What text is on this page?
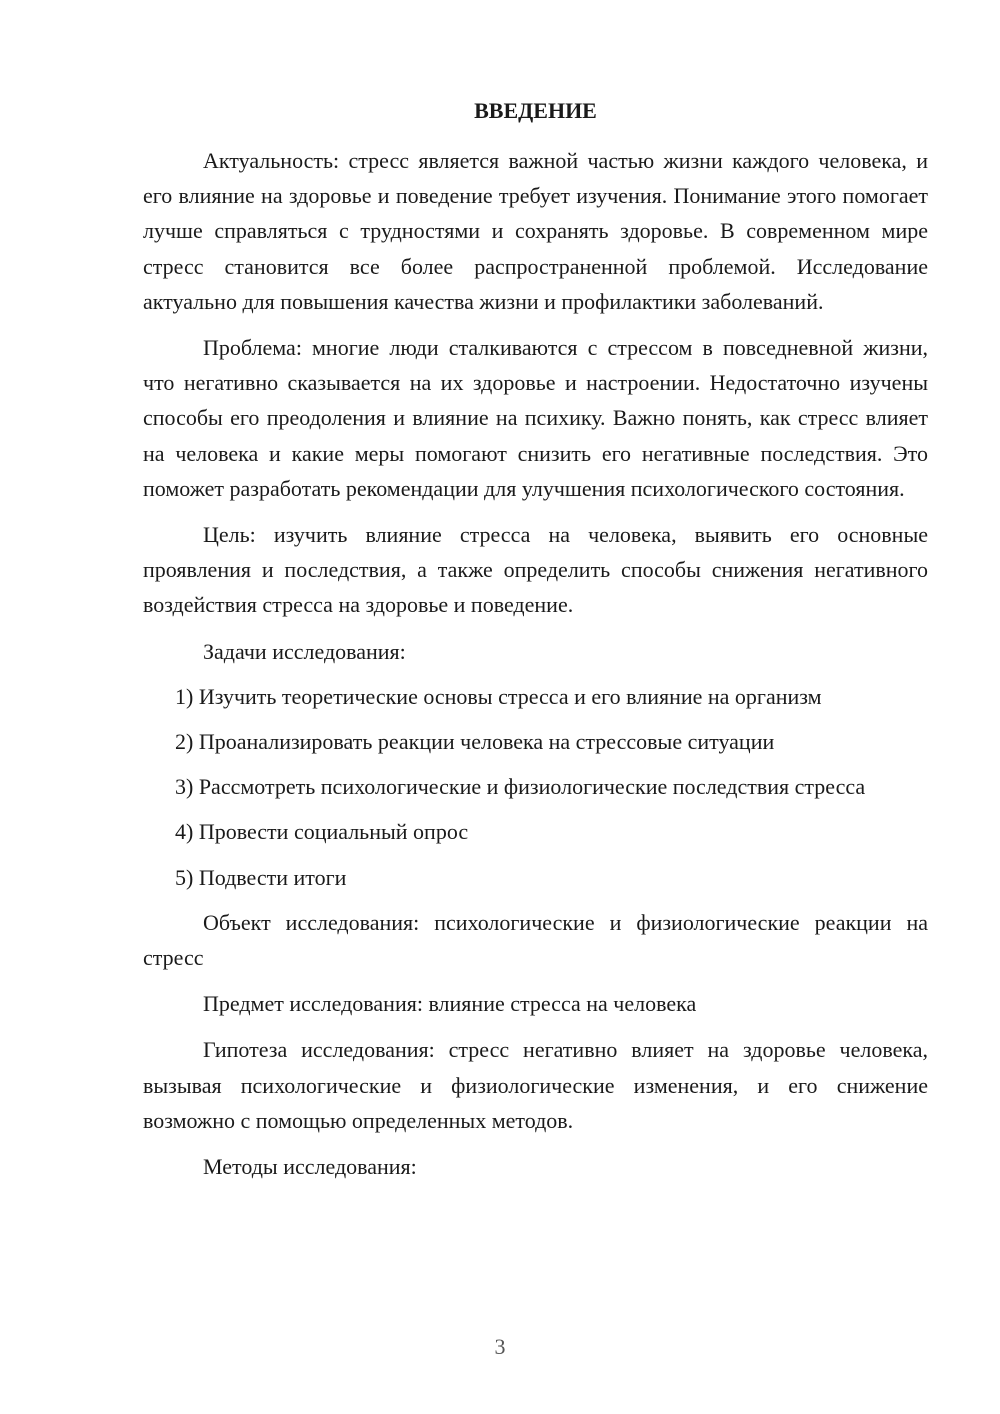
ВВЕДЕНИЕ

Актуальность: стресс является важной частью жизни каждого человека, и его влияние на здоровье и поведение требует изучения. Понимание этого помогает лучше справляться с трудностями и сохранять здоровье. В современном мире стресс становится все более распространенной проблемой. Исследование актуально для повышения качества жизни и профилактики заболеваний.

Проблема: многие люди сталкиваются с стрессом в повседневной жизни, что негативно сказывается на их здоровье и настроении. Недостаточно изучены способы его преодоления и влияние на психику. Важно понять, как стресс влияет на человека и какие меры помогают снизить его негативные последствия. Это поможет разработать рекомендации для улучшения психологического состояния.

Цель: изучить влияние стресса на человека, выявить его основные проявления и последствия, а также определить способы снижения негативного воздействия стресса на здоровье и поведение.

Задачи исследования:

1) Изучить теоретические основы стресса и его влияние на организм

2) Проанализировать реакции человека на стрессовые ситуации

3) Рассмотреть психологические и физиологические последствия стресса

4) Провести социальный опрос

5) Подвести итоги

Объект исследования: психологические и физиологические реакции на стресс

Предмет исследования: влияние стресса на человека

Гипотеза исследования: стресс негативно влияет на здоровье человека, вызывая психологические и физиологические изменения, и его снижение возможно с помощью определенных методов.

Методы исследования:

3
